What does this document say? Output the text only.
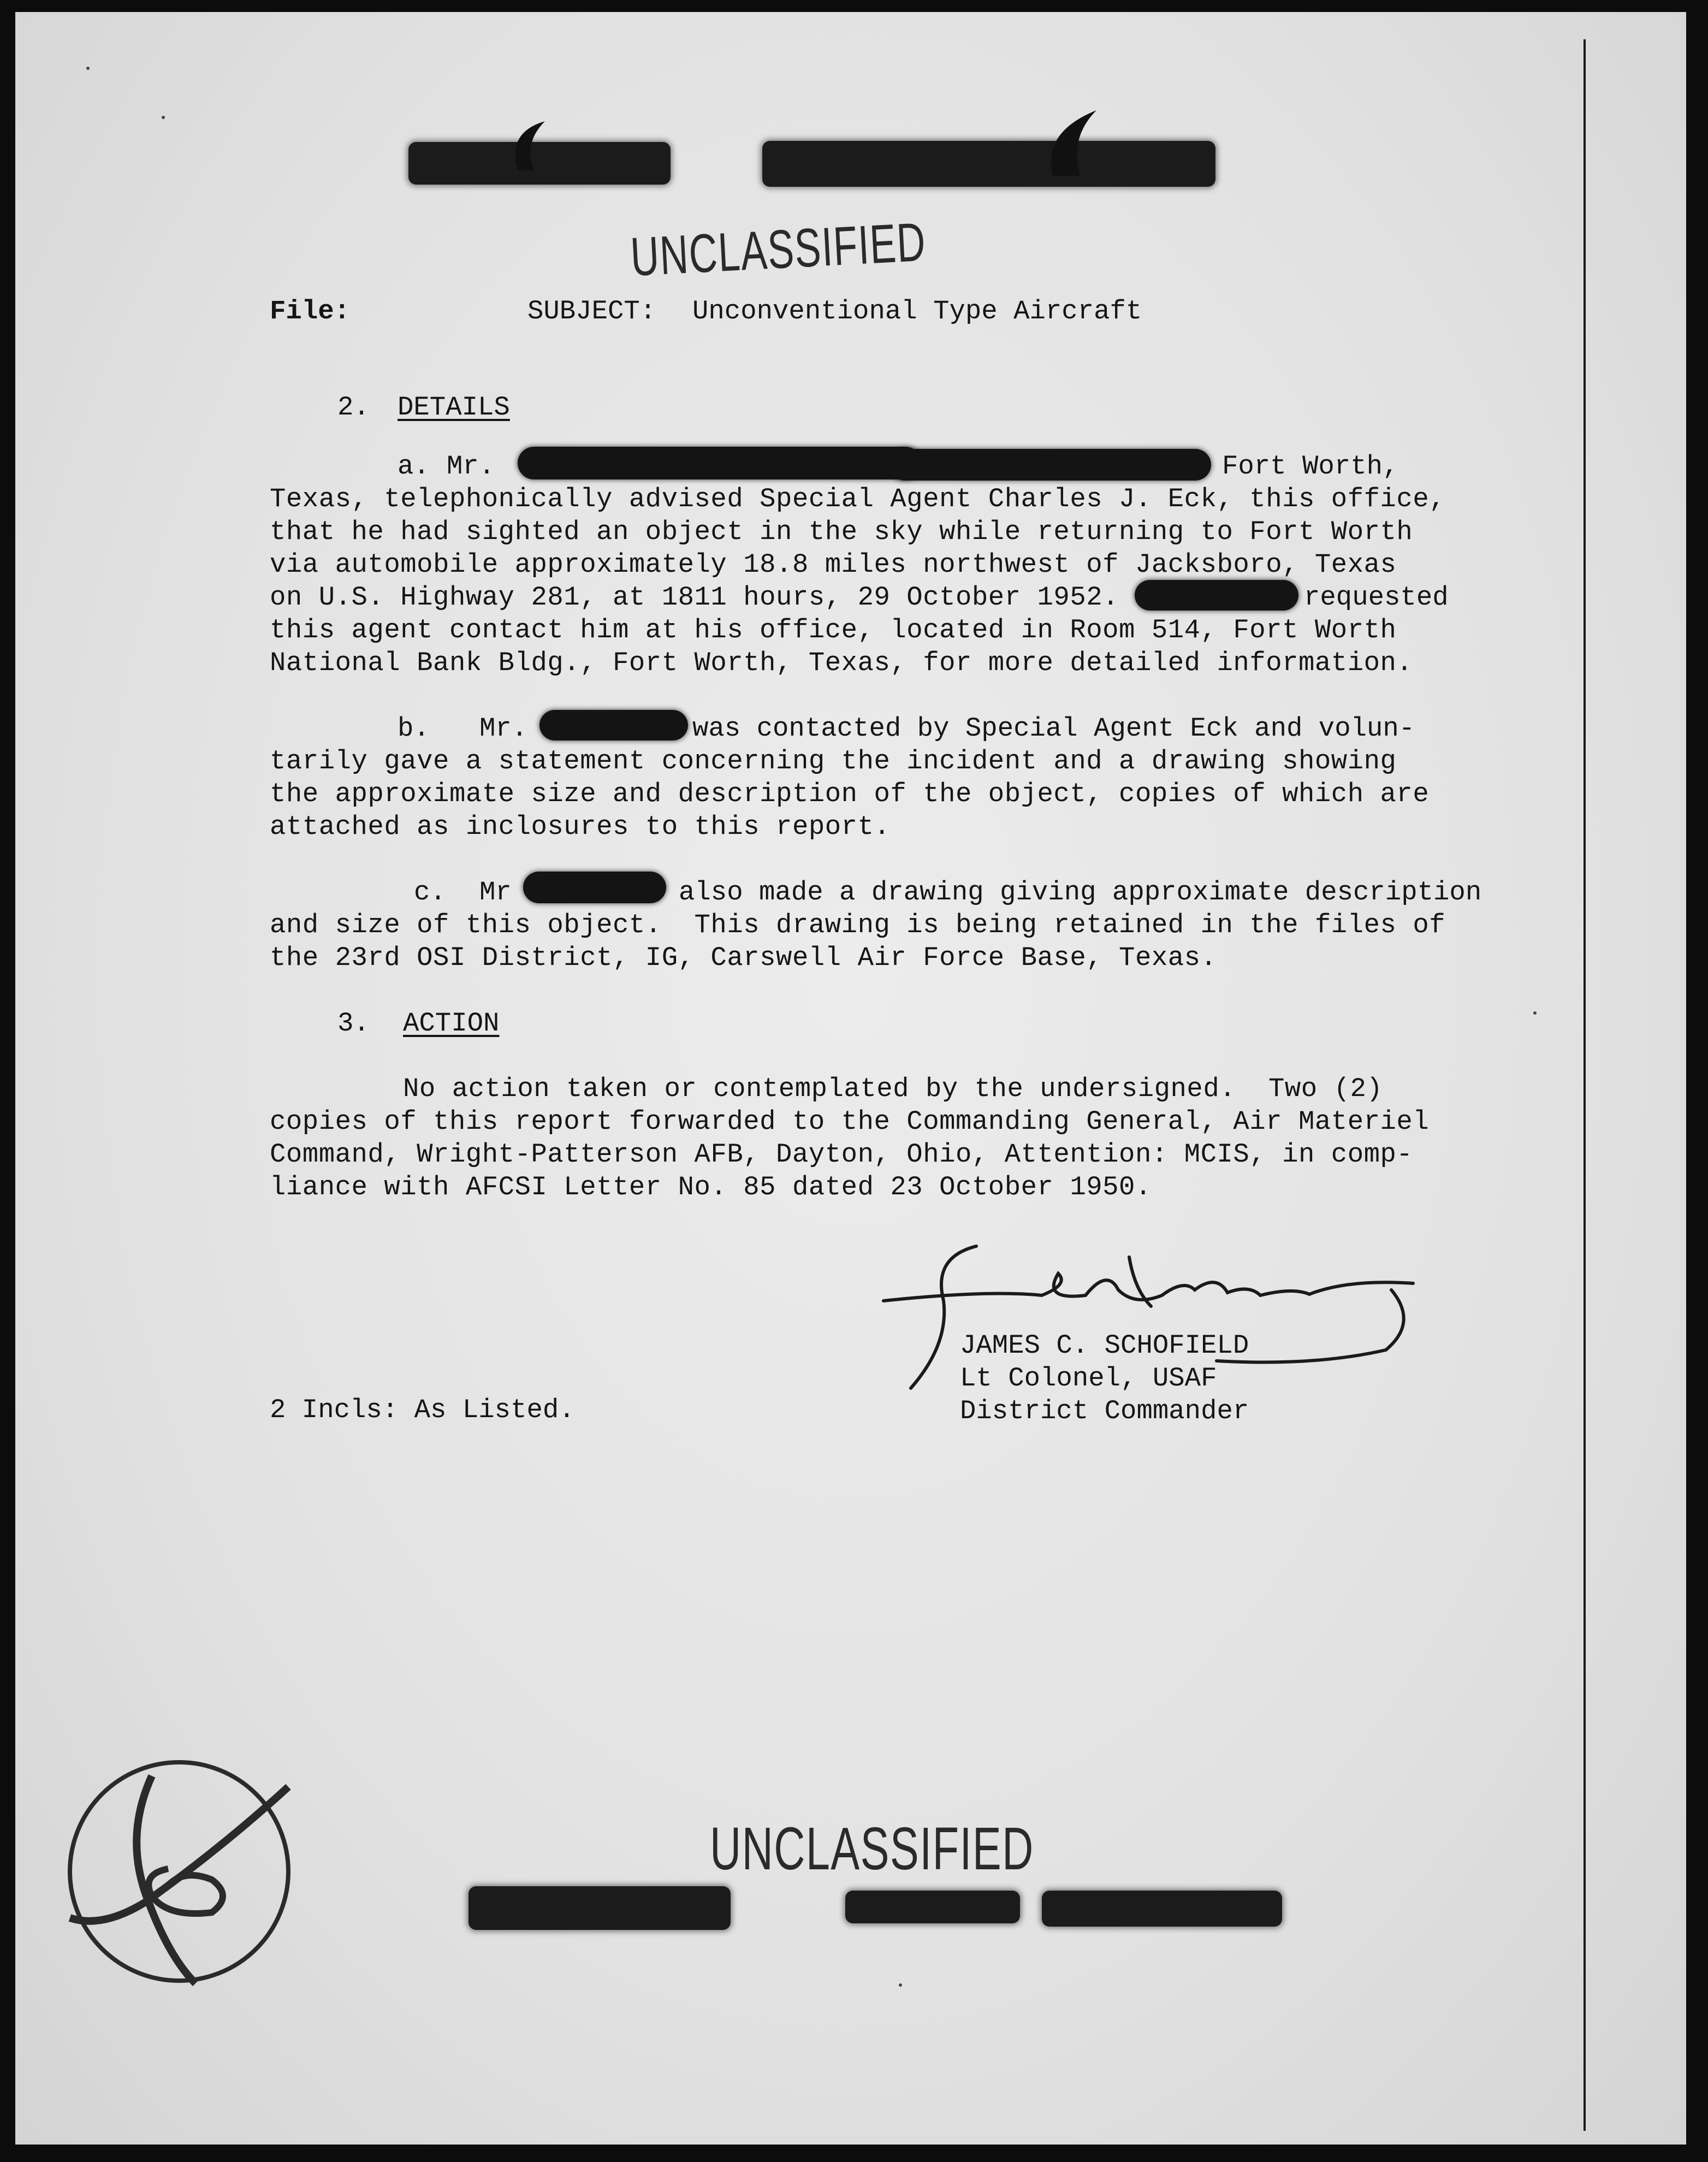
UNCLASSIFIED
File:	SUBJECT: Unconventional Type Aircraft
2. DETAILS
a. Mr.	Fort Worth,
Texas, telephonically advised Special Agent Charles J. Eck, this office,
that he had sighted an object in the sky while returning to Fort Worth
via automobile approximately 18.8 miles northwest of Jacksboro, Texas
on U.S. Highway 281, at 1811 hours, 29 October 1952.	requested
this agent contact him at his office, located in Room 514, Fort Worth
National Bank Bldg., Fort Worth, Texas, for more detailed information.
b. Mr.	was contacted by Special Agent Eck and volun-
tarily gave a statement concerning the incident and a drawing showing
the approximate size and description of the object, copies of which are
attached as inclosures to this report.
c. Mr	also made a drawing giving approximate description
and size of this object.  This drawing is being retained in the files of
the 23rd OSI District, IG, Carswell Air Force Base, Texas.
3. ACTION
No action taken or contemplated by the undersigned.  Two (2)
copies of this report forwarded to the Commanding General, Air Materiel
Command, Wright-Patterson AFB, Dayton, Ohio, Attention: MCIS, in comp-
liance with AFCSI Letter No. 85 dated 23 October 1950.
JAMES C. SCHOFIELD
Lt Colonel, USAF
District Commander
2 Incls: As Listed.
UNCLASSIFIED
